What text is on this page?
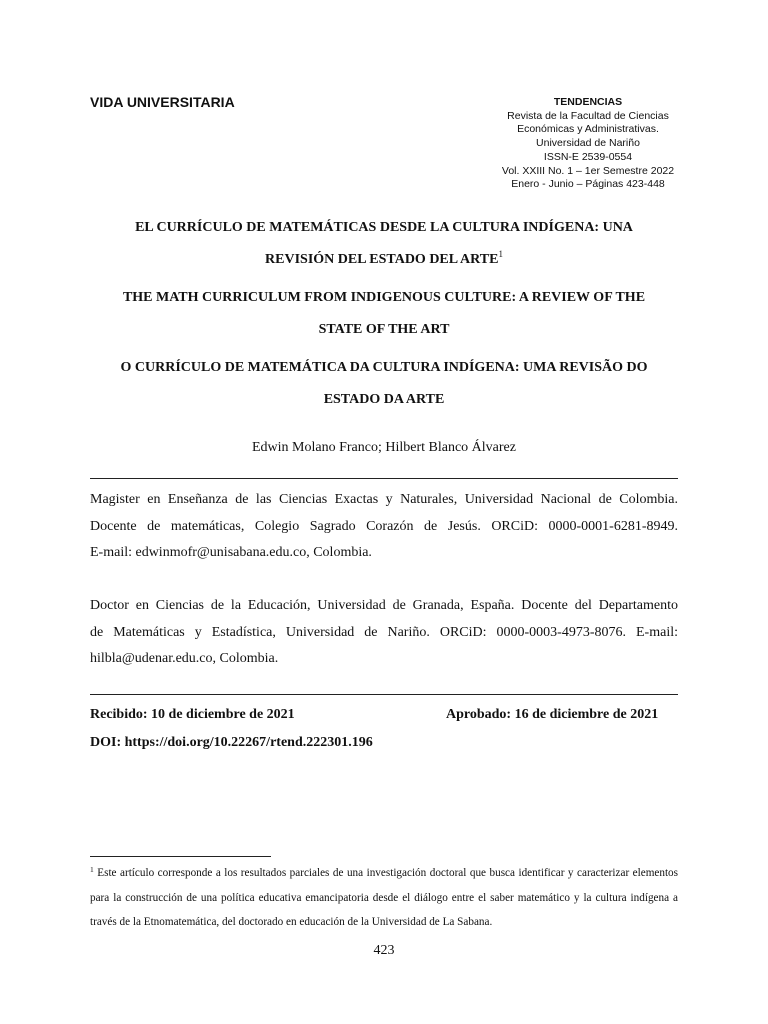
VIDA UNIVERSITARIA	TENDENCIAS
Revista de la Facultad de Ciencias
Económicas y Administrativas.
Universidad de Nariño
ISSN-E 2539-0554
Vol. XXIII No. 1 – 1er Semestre 2022
Enero - Junio – Páginas 423-448
EL CURRÍCULO DE MATEMÁTICAS DESDE LA CULTURA INDÍGENA: UNA
REVISIÓN DEL ESTADO DEL ARTE$^1$
THE MATH CURRICULUM FROM INDIGENOUS CULTURE: A REVIEW OF THE
STATE OF THE ART
O CURRÍCULO DE MATEMÁTICA DA CULTURA INDÍGENA: UMA REVISÃO DO
ESTADO DA ARTE
Edwin Molano Franco; Hilbert Blanco Álvarez
Magister en Enseñanza de las Ciencias Exactas y Naturales, Universidad Nacional de Colombia.
Docente de matemáticas, Colegio Sagrado Corazón de Jesús. ORCiD: 0000-0001-6281-8949.
E-mail: edwinmofr@unisabana.edu.co, Colombia.
Doctor en Ciencias de la Educación, Universidad de Granada, España. Docente del Departamento
de Matemáticas y Estadística, Universidad de Nariño. ORCiD: 0000-0003-4973-8076. E-mail:
hilbla@udenar.edu.co, Colombia.
Recibido: 10 de diciembre de 2021	Aprobado: 16 de diciembre de 2021
DOI: https://doi.org/10.22267/rtend.222301.196
$^1$ Este artículo corresponde a los resultados parciales de una investigación doctoral que busca identificar y caracterizar elementos para la construcción de una política educativa emancipatoria desde el diálogo entre el saber matemático y la cultura indígena a través de la Etnomatemática, del doctorado en educación de la Universidad de La Sabana.
423
